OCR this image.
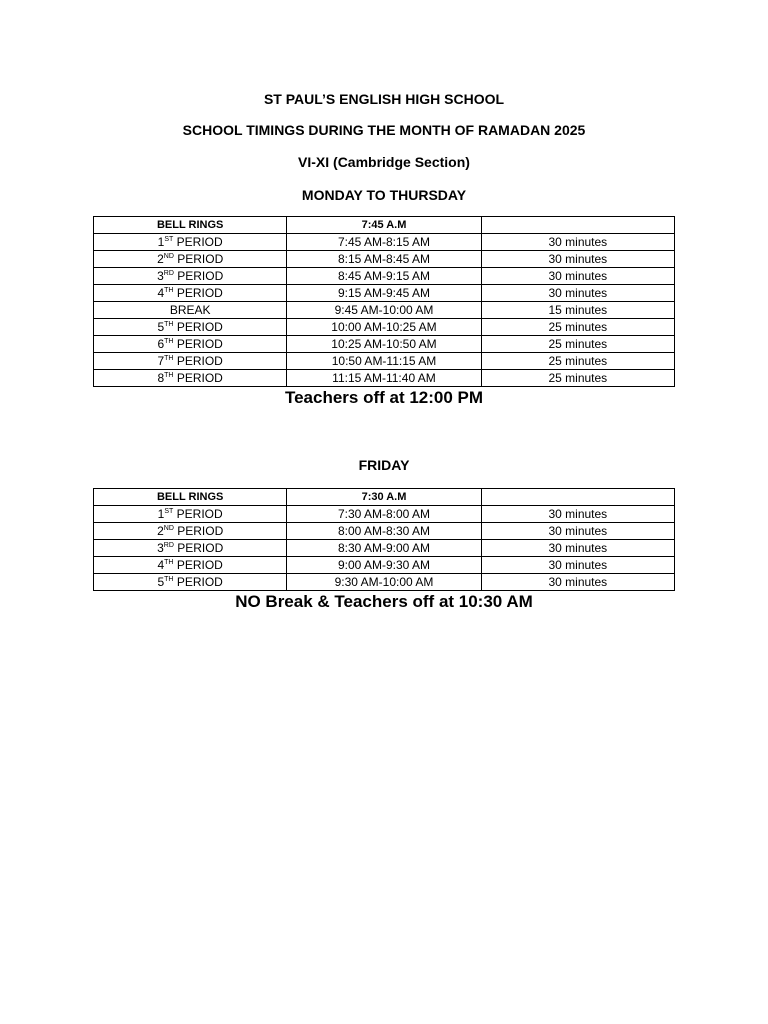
ST PAUL’S ENGLISH HIGH SCHOOL

SCHOOL TIMINGS DURING THE MONTH OF RAMADAN 2025

VI-XI (Cambridge Section)

MONDAY TO THURSDAY

BELL RINGS	7:45 A.M	
1ST PERIOD	7:45 AM-8:15 AM	30 minutes
2ND PERIOD	8:15 AM-8:45 AM	30 minutes
3RD PERIOD	8:45 AM-9:15 AM	30 minutes
4TH PERIOD	9:15 AM-9:45 AM	30 minutes
BREAK	9:45 AM-10:00 AM	15 minutes
5TH PERIOD	10:00 AM-10:25 AM	25 minutes
6TH PERIOD	10:25 AM-10:50 AM	25 minutes
7TH PERIOD	10:50 AM-11:15 AM	25 minutes
8TH PERIOD	11:15 AM-11:40 AM	25 minutes

Teachers off at 12:00 PM

FRIDAY

BELL RINGS	7:30 A.M	
1ST PERIOD	7:30 AM-8:00 AM	30 minutes
2ND PERIOD	8:00 AM-8:30 AM	30 minutes
3RD PERIOD	8:30 AM-9:00 AM	30 minutes
4TH PERIOD	9:00 AM-9:30 AM	30 minutes
5TH PERIOD	9:30 AM-10:00 AM	30 minutes

NO Break & Teachers off at 10:30 AM
